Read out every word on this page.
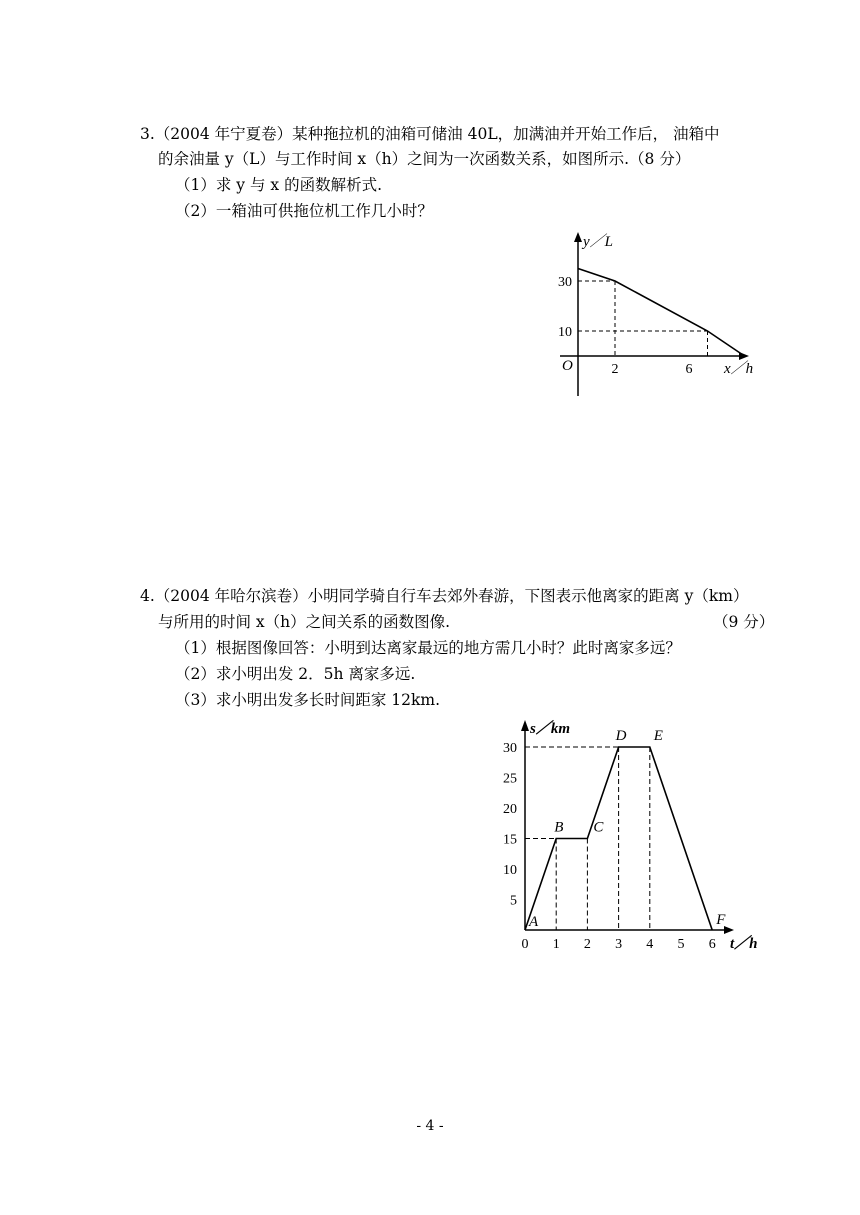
3.（2004 年宁夏卷）某种拖拉机的油箱可储油 40L，加满油并开始工作后， 油箱中
的余油量 y（L）与工作时间 x（h）之间为一次函数关系，如图所示.（8 分）
（1）求 y 与 x 的函数解析式.
（2）一箱油可供拖位机工作几小时？
30
10
2	6
O
y／L
x／h
4.（2004 年哈尔滨卷）小明同学骑自行车去郊外春游，下图表示他离家的距离 y（km）
与所用的时间 x（h）之间关系的函数图像.	（9 分）
（1）根据图像回答：小明到达离家最远的地方需几小时？此时离家多远？
（2）求小明出发 2．5h 离家多远.
（3）求小明出发多长时间距家 12km.
5
10
15
20
25
30
0 1 2 3 4 5 6
A
B C
D E
F
s／km
t／h
- 4 -
